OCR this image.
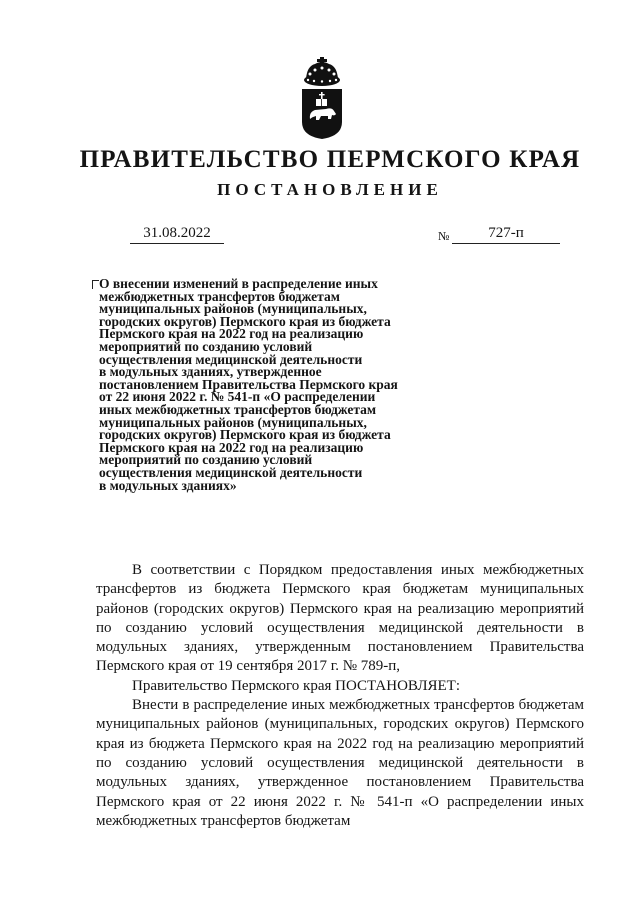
ПРАВИТЕЛЬСТВО ПЕРМСКОГО КРАЯ
ПОСТАНОВЛЕНИЕ
31.08.2022	№	727-п
О внесении изменений в распределение иных
межбюджетных трансфертов бюджетам
муниципальных районов (муниципальных,
городских округов) Пермского края из бюджета
Пермского края на 2022 год на реализацию
мероприятий по созданию условий
осуществления медицинской деятельности
в модульных зданиях, утвержденное
постановлением Правительства Пермского края
от 22 июня 2022 г. № 541-п «О распределении
иных межбюджетных трансфертов бюджетам
муниципальных районов (муниципальных,
городских округов) Пермского края из бюджета
Пермского края на 2022 год на реализацию
мероприятий по созданию условий
осуществления медицинской деятельности
в модульных зданиях»

В соответствии с Порядком предоставления иных межбюджетных трансфертов из бюджета Пермского края бюджетам муниципальных районов (городских округов) Пермского края на реализацию мероприятий по созданию условий осуществления медицинской деятельности в модульных зданиях, утвержденным постановлением Правительства Пермского края от 19 сентября 2017 г. № 789-п,

Правительство Пермского края ПОСТАНОВЛЯЕТ:

Внести в распределение иных межбюджетных трансфертов бюджетам муниципальных районов (муниципальных, городских округов) Пермского края из бюджета Пермского края на 2022 год на реализацию мероприятий по созданию условий осуществления медицинской деятельности в модульных зданиях, утвержденное постановлением Правительства Пермского края от 22 июня 2022 г. № 541-п «О распределении иных межбюджетных трансфертов бюджетам
